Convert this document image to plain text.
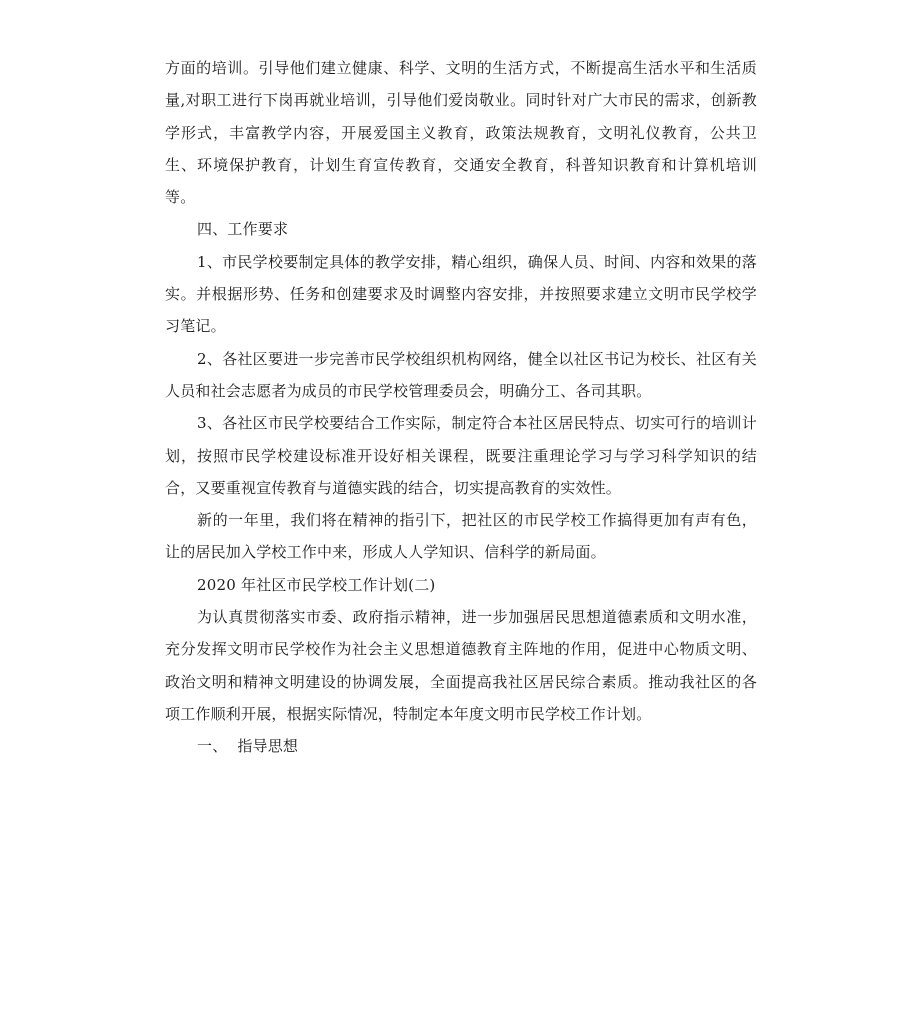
方面的培训。引导他们建立健康、科学、文明的生活方式，不断提高生活水平和生活质量,对职工进行下岗再就业培训，引导他们爱岗敬业。同时针对广大市民的需求，创新教学形式，丰富教学内容，开展爱国主义教育，政策法规教育，文明礼仪教育，公共卫生、环境保护教育，计划生育宣传教育，交通安全教育，科普知识教育和计算机培训等。

四、工作要求

1、市民学校要制定具体的教学安排，精心组织，确保人员、时间、内容和效果的落实。并根据形势、任务和创建要求及时调整内容安排，并按照要求建立文明市民学校学习笔记。

2、各社区要进一步完善市民学校组织机构网络，健全以社区书记为校长、社区有关人员和社会志愿者为成员的市民学校管理委员会，明确分工、各司其职。

3、各社区市民学校要结合工作实际，制定符合本社区居民特点、切实可行的培训计划，按照市民学校建设标准开设好相关课程，既要注重理论学习与学习科学知识的结合，又要重视宣传教育与道德实践的结合，切实提高教育的实效性。

新的一年里，我们将在精神的指引下，把社区的市民学校工作搞得更加有声有色，让的居民加入学校工作中来，形成人人学知识、信科学的新局面。

2020 年社区市民学校工作计划(二)

为认真贯彻落实市委、政府指示精神，进一步加强居民思想道德素质和文明水准，充分发挥文明市民学校作为社会主义思想道德教育主阵地的作用，促进中心物质文明、政治文明和精神文明建设的协调发展，全面提高我社区居民综合素质。推动我社区的各项工作顺利开展，根据实际情况，特制定本年度文明市民学校工作计划。

一、  指导思想
